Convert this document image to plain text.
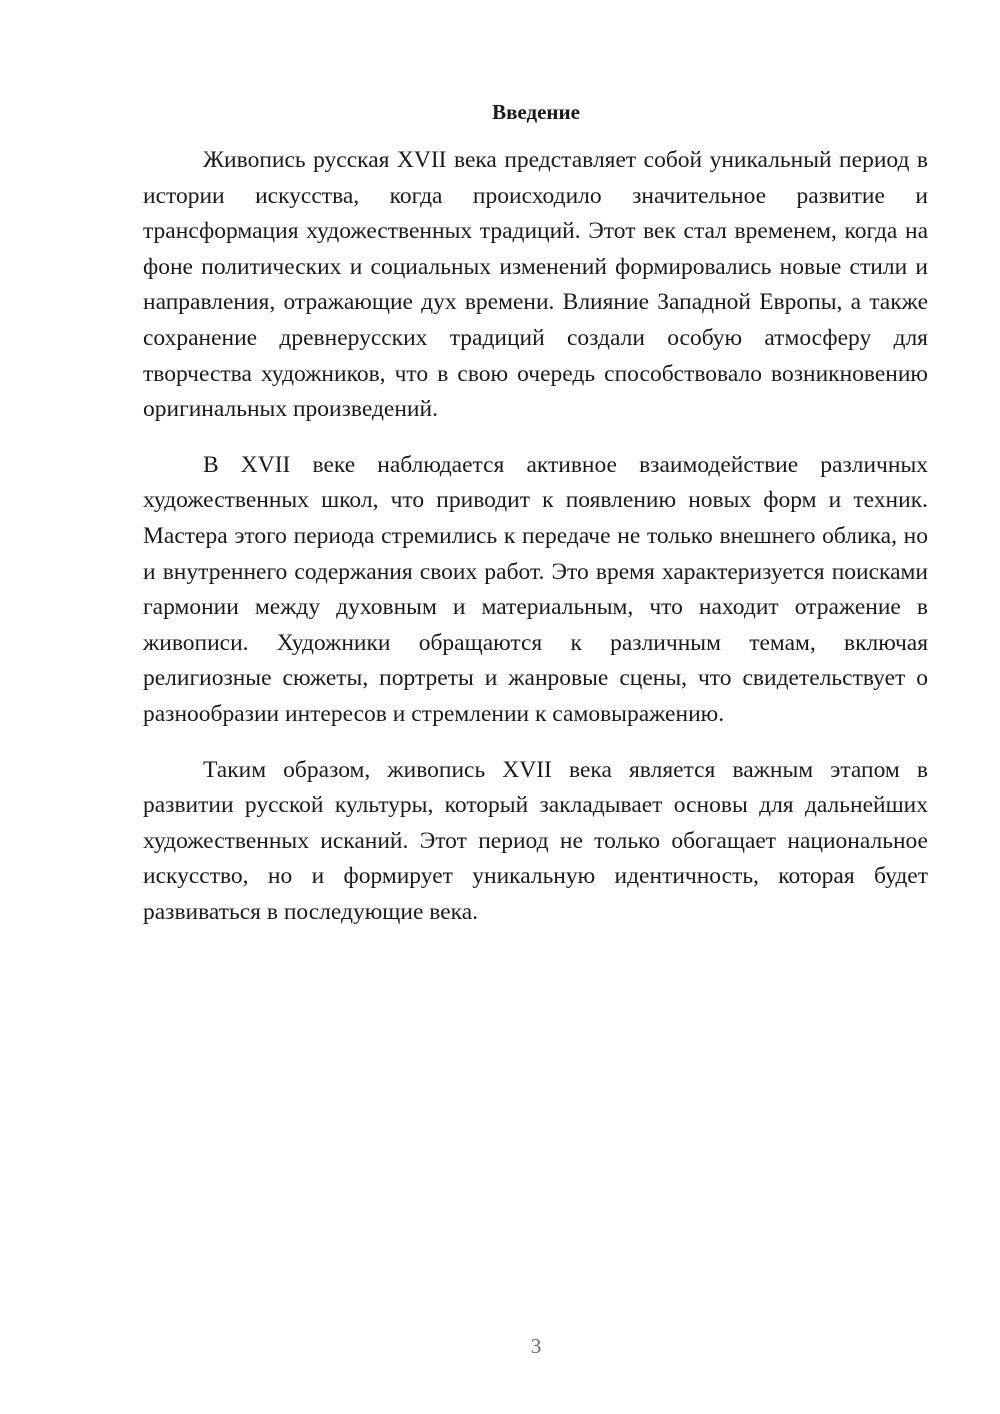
Введение

Живопись русская XVII века представляет собой уникальный период в истории искусства, когда происходило значительное развитие и трансформация художественных традиций. Этот век стал временем, когда на фоне политических и социальных изменений формировались новые стили и направления, отражающие дух времени. Влияние Западной Европы, а также сохранение древнерусских традиций создали особую атмосферу для творчества художников, что в свою очередь способствовало возникновению оригинальных произведений.

В XVII веке наблюдается активное взаимодействие различных художественных школ, что приводит к появлению новых форм и техник. Мастера этого периода стремились к передаче не только внешнего облика, но и внутреннего содержания своих работ. Это время характеризуется поисками гармонии между духовным и материальным, что находит отражение в живописи. Художники обращаются к различным темам, включая религиозные сюжеты, портреты и жанровые сцены, что свидетельствует о разнообразии интересов и стремлении к самовыражению.

Таким образом, живопись XVII века является важным этапом в развитии русской культуры, который закладывает основы для дальнейших художественных исканий. Этот период не только обогащает национальное искусство, но и формирует уникальную идентичность, которая будет развиваться в последующие века.

3
